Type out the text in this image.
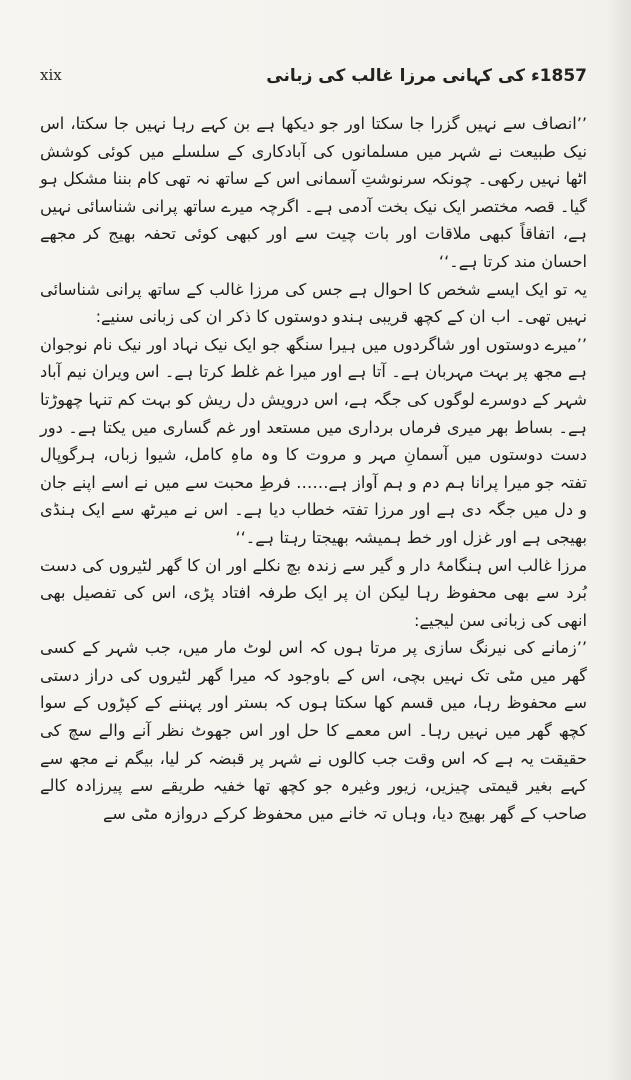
xix	1857ء کی کہانی مرزا غالب کی زبانی

’’انصاف سے نہیں گزرا جا سکتا اور جو دیکھا ہے بن کہے رہا نہیں جا سکتا، اس نیک طبیعت نے شہر میں مسلمانوں کی آبادکاری کے سلسلے میں کوئی کوشش اٹھا نہیں رکھی۔ چونکہ سرنوشتِ آسمانی اس کے ساتھ نہ تھی کام بننا مشکل ہو گیا۔ قصہ مختصر ایک نیک بخت آدمی ہے۔ اگرچہ میرے ساتھ پرانی شناسائی نہیں ہے، اتفاقاً کبھی ملاقات اور بات چیت سے اور کبھی کوئی تحفہ بھیج کر مجھے احسان مند کرتا ہے۔‘‘

یہ تو ایک ایسے شخص کا احوال ہے جس کی مرزا غالب کے ساتھ پرانی شناسائی نہیں تھی۔ اب ان کے کچھ قریبی ہندو دوستوں کا ذکر ان کی زبانی سنیے:

’’میرے دوستوں اور شاگردوں میں ہیرا سنگھ جو ایک نیک نہاد اور نیک نام نوجوان ہے مجھ پر بہت مہربان ہے۔ آتا ہے اور میرا غم غلط کرتا ہے۔ اس ویران نیم آباد شہر کے دوسرے لوگوں کی جگہ ہے، اس درویش دل ریش کو بہت کم تنہا چھوڑتا ہے۔ بساط بھر میری فرماں برداری میں مستعد اور غم گساری میں یکتا ہے۔ دور دست دوستوں میں آسمانِ مہر و مروت کا وہ ماہِ کامل، شیوا زباں، ہرگوپال تفتہ جو میرا پرانا ہم دم و ہم آواز ہے…… فرطِ محبت سے میں نے اسے اپنے جان و دل میں جگہ دی ہے اور مرزا تفتہ خطاب دیا ہے۔ اس نے میرٹھ سے ایک ہنڈی بھیجی ہے اور غزل اور خط ہمیشہ بھیجتا رہتا ہے۔‘‘

مرزا غالب اس ہنگامۂ دار و گیر سے زندہ بچ نکلے اور ان کا گھر لٹیروں کی دست بُرد سے بھی محفوظ رہا لیکن ان پر ایک طرفہ افتاد پڑی، اس کی تفصیل بھی انھی کی زبانی سن لیجیے:

’’زمانے کی نیرنگ سازی پر مرتا ہوں کہ اس لوٹ مار میں، جب شہر کے کسی گھر میں مٹی تک نہیں بچی، اس کے باوجود کہ میرا گھر لٹیروں کی دراز دستی سے محفوظ رہا، میں قسم کھا سکتا ہوں کہ بستر اور پہننے کے کپڑوں کے سوا کچھ گھر میں نہیں رہا۔ اس معمے کا حل اور اس جھوٹ نظر آنے والے سچ کی حقیقت یہ ہے کہ اس وقت جب کالوں نے شہر پر قبضہ کر لیا، بیگم نے مجھ سے کہے بغیر قیمتی چیزیں، زیور وغیرہ جو کچھ تھا خفیہ طریقے سے پیرزادہ کالے صاحب کے گھر بھیج دیا، وہاں تہ خانے میں محفوظ کرکے دروازہ مٹی سے
